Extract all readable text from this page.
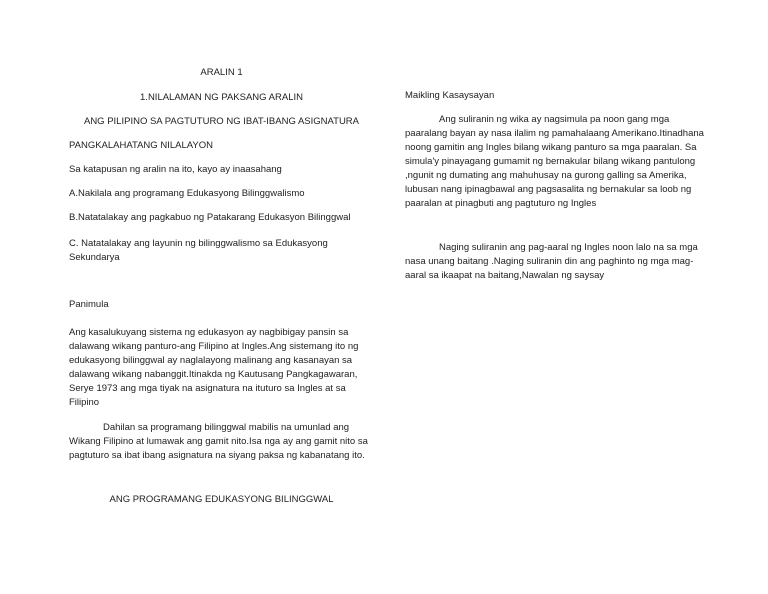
ARALIN 1

1.NILALAMAN NG PAKSANG ARALIN

ANG PILIPINO SA PAGTUTURO NG IBAT-IBANG ASIGNATURA

PANGKALAHATANG NILALAYON

Sa katapusan ng aralin na ito, kayo ay inaasahang

A.Nakilala ang programang Edukasyong Bilinggwalismo

B.Natatalakay ang pagkabuo ng Patakarang Edukasyon Bilinggwal

C. Natatalakay ang layunin ng bilinggwalismo sa Edukasyong Sekundarya

Panimula

Ang kasalukuyang sistema ng edukasyon ay nagbibigay pansin sa dalawang wikang panturo-ang Filipino at Ingles.Ang sistemang ito ng edukasyong bilinggwal ay naglalayong malinang ang kasanayan sa dalawang wikang nabanggit.Itinakda ng Kautusang Pangkagawaran, Serye 1973 ang mga tiyak na asignatura na ituturo sa Ingles at sa Filipino

Dahilan sa programang bilinggwal mabilis na umunlad ang Wikang Filipino at lumawak ang gamit nito.Isa nga ay ang gamit nito sa pagtuturo sa ibat ibang asignatura na siyang paksa ng kabanatang ito.

ANG PROGRAMANG EDUKASYONG BILINGGWAL

Maikling Kasaysayan

Ang suliranin ng wika ay nagsimula pa noon gang mga paaralang bayan ay nasa ilalim ng pamahalaang Amerikano.Itinadhana noong gamitin ang Ingles bilang wikang panturo sa mga paaralan. Sa simula'y pinayagang gumamit ng bernakular bilang wikang pantulong ,ngunit ng dumating ang mahuhusay na gurong galling sa Amerika, lubusan nang ipinagbawal ang pagsasalita ng bernakular sa loob ng paaralan at pinagbuti ang pagtuturo ng Ingles

Naging suliranin ang pag-aaral ng Ingles noon lalo na sa mga nasa unang baitang .Naging suliranin din ang paghinto ng mga mag-aaral sa ikaapat na baitang,Nawalan ng saysay
